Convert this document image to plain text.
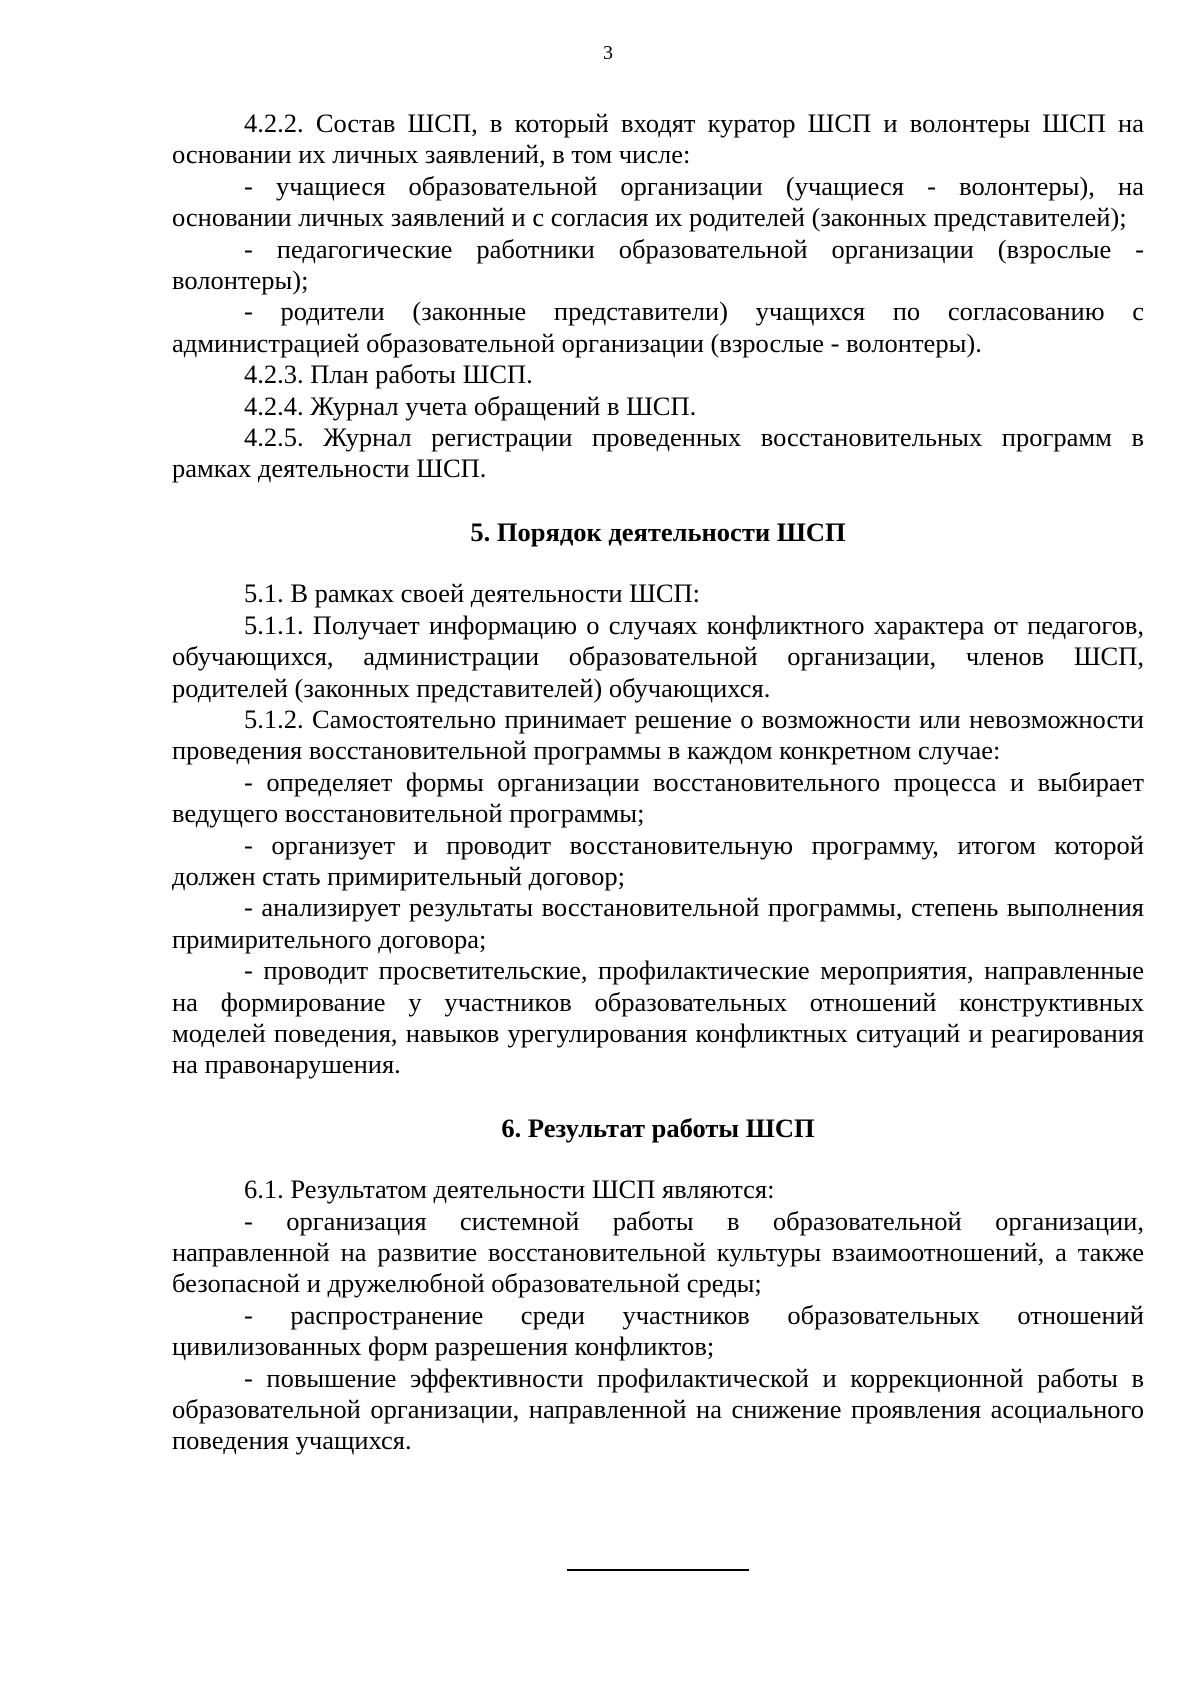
3

4.2.2. Состав ШСП, в который входят куратор ШСП и волонтеры ШСП на основании их личных заявлений, в том числе:

- учащиеся образовательной организации (учащиеся - волонтеры), на основании личных заявлений и с согласия их родителей (законных представителей);

- педагогические работники образовательной организации (взрослые - волонтеры);

- родители (законные представители) учащихся по согласованию с администрацией образовательной организации (взрослые - волонтеры).

4.2.3. План работы ШСП.

4.2.4. Журнал учета обращений в ШСП.

4.2.5. Журнал регистрации проведенных восстановительных программ в рамках деятельности ШСП.

5. Порядок деятельности ШСП

5.1. В рамках своей деятельности ШСП:

5.1.1. Получает информацию о случаях конфликтного характера от педагогов, обучающихся, администрации образовательной организации, членов ШСП, родителей (законных представителей) обучающихся.

5.1.2. Самостоятельно принимает решение о возможности или невозможности проведения восстановительной программы в каждом конкретном случае:

- определяет формы организации восстановительного процесса и выбирает ведущего восстановительной программы;

- организует и проводит восстановительную программу, итогом которой должен стать примирительный договор;

- анализирует результаты восстановительной программы, степень выполнения примирительного договора;

- проводит просветительские, профилактические мероприятия, направленные на формирование у участников образовательных отношений конструктивных моделей поведения, навыков урегулирования конфликтных ситуаций и реагирования на правонарушения.

6. Результат работы ШСП

6.1. Результатом деятельности ШСП являются:

- организация системной работы в образовательной организации, направленной на развитие восстановительной культуры взаимоотношений, а также безопасной и дружелюбной образовательной среды;

- распространение среди участников образовательных отношений цивилизованных форм разрешения конфликтов;

- повышение эффективности профилактической и коррекционной работы в образовательной организации, направленной на снижение проявления асоциального поведения учащихся.
